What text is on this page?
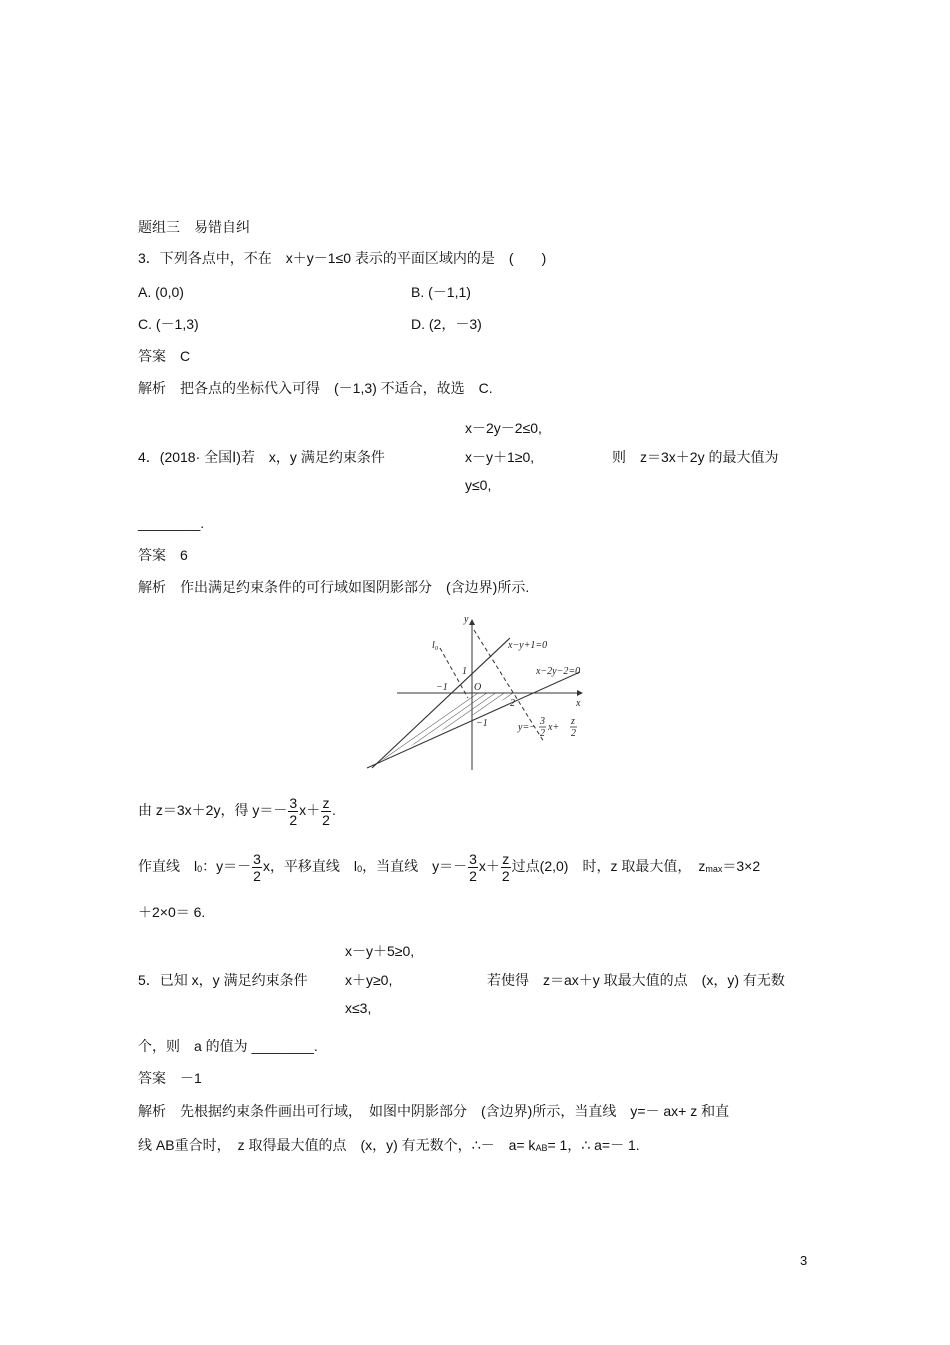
题组三　易错自纠
3．下列各点中，不在　x＋y－1≤0 表示的平面区域内的是　(　　)
A. (0,0)	B. (－1,1)
C. (－1,3)	D. (2，－3)
答案　C
解析　把各点的坐标代入可得　(－1,3) 不适合，故选　C.
x－2y－2≤0,
4．(2018· 全国Ⅰ)若　x，y 满足约束条件	x－y＋1≥0,	则　z＝3x＋2y 的最大值为
y≤0,
________.
答案　6
解析　作出满足约束条件的可行域如图阴影部分　(含边界)所示.
y
x
l₀	x−y+1=0
x−2y−2=0
O
1
−1
−1
2
y=−
3
2
x+
z
2
由 z＝3x＋2y，得 $y=- \frac{3}{2} x+ \frac{z}{2}$ .
作直线　l0：$y=- \frac{3}{2}$ x，平移直线　l0，当直线　$y=- \frac{3}{2} x+ \frac{z}{2}$ 过点(2,0)　时，z 取最大值，　zmax＝3×2
＋2×0＝ 6.
x－y＋5≥0,
5．已知 x，y 满足约束条件	x＋y≥0,	若使得　z＝ax＋y 取最大值的点　(x，y) 有无数
x≤3,
个，则　a 的值为 ________.
答案　－1
解析　先根据约束条件画出可行域，　如图中阴影部分　(含边界)所示，当直线　y=－ ax+ z 和直
线 AB重合时，　z 取得最大值的点　(x，y) 有无数个，∴－　a= kAB= 1，∴ a=－ 1.
3
